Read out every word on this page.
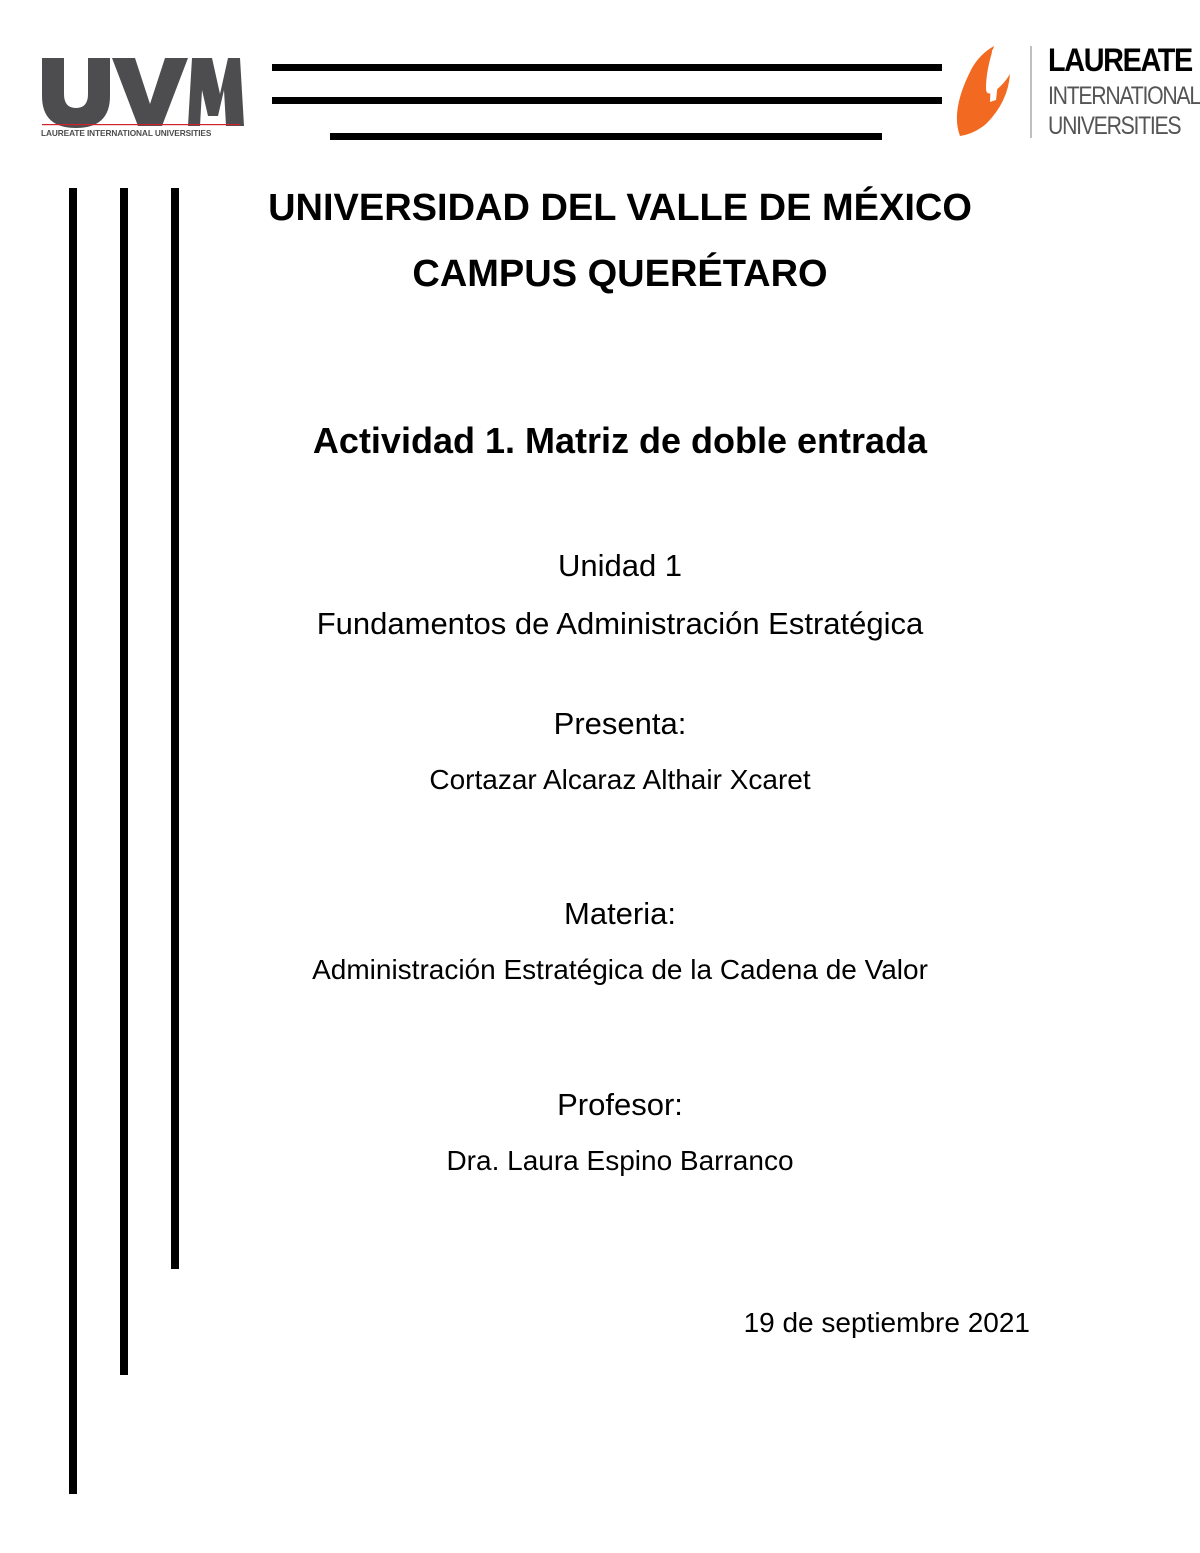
LAUREATE INTERNATIONAL UNIVERSITIES
LAUREATE
INTERNATIONAL
UNIVERSITIES
UNIVERSIDAD DEL VALLE DE MÉXICO
CAMPUS QUERÉTARO
Actividad 1. Matriz de doble entrada
Unidad 1
Fundamentos de Administración Estratégica
Presenta:
Cortazar Alcaraz Althair Xcaret
Materia:
Administración Estratégica de la Cadena de Valor
Profesor:
Dra. Laura Espino Barranco
19 de septiembre 2021
